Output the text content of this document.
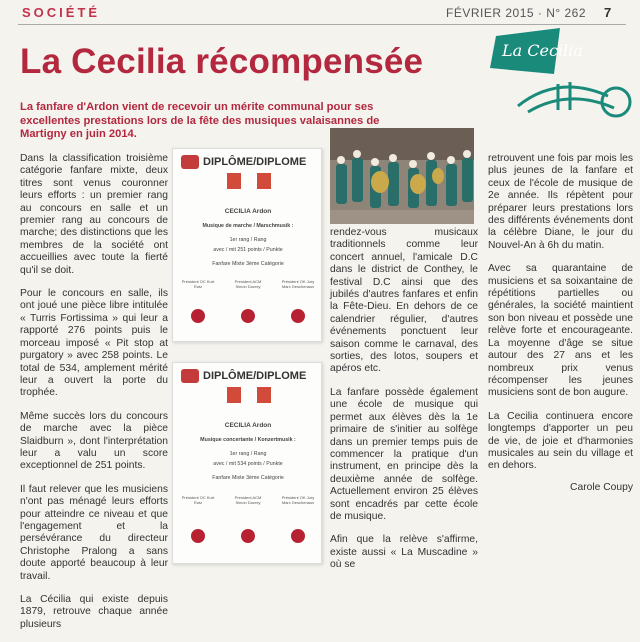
SOCIÉTÉ	FÉVRIER 2015 · N° 262 7
La Cecilia récompensée	La Cecilia

La fanfare d'Ardon vient de recevoir un mérite communal pour ses excellentes prestations lors de la fête des musiques valaisannes de Martigny en juin 2014.

Dans la classification troisième catégorie fanfare mixte, deux titres sont venus couronner leurs efforts : un premier rang au concours en salle et un premier rang au concours de marche; des distinctions que les membres de la société ont accueillies avec toute la fierté qu'il se doit.

Pour le concours en salle, ils ont joué une pièce libre intitulée « Turris Fortissima » qui leur a rapporté 276 points puis le morceau imposé « Pit stop at purgatory » avec 258 points. Le total de 534, amplement mérité leur a ouvert la porte du trophée.

Même succès lors du concours de marche avec la pièce Slaidburn », dont l'interprétation leur a valu un score exceptionnel de 251 points.

Il faut relever que les musiciens n'ont pas ménagé leurs efforts pour atteindre ce niveau et que l'engagement et la persévérance du directeur Christophe Pralong a sans doute apporté beaucoup à leur travail.

La Cécilia qui existe depuis 1879, retrouve chaque année plusieurs

DIPLÔME/DIPLOME
CECILIA Ardon
Musique de marche / Marschmusik :
1er rang / Rang
avec / mit 251 points / Punkte
Fanfare Mixte 3ème Catégorie
Président OC Kurt Rutz
Président ACM Simon Ducrey
Président OK Jury Marc Deschenaux
DIPLÔME/DIPLOME
CECILIA Ardon
Musique concertante / Konzertmusik :
1er rang / Rang
avec / mit 534 points / Punkte
Fanfare Mixte 3ème Catégorie
Président OC Kurt Rutz
Président ACM Simon Ducrey
Président OK Jury Marc Deschenaux

rendez-vous musicaux traditionnels comme leur concert annuel, l'amicale D.C dans le district de Conthey, le festival D.C ainsi que des jubilés d'autres fanfares et enfin la Fête-Dieu. En dehors de ce calendrier régulier, d'autres événements ponctuent leur saison comme le carnaval, des sorties, des lotos, soupers et apéros etc.

La fanfare possède également une école de musique qui permet aux élèves dès la 1e primaire de s'initier au solfège dans un premier temps puis de commencer la pratique d'un instrument, en principe dès la deuxième année de solfège. Actuellement environ 25 élèves sont encadrés par cette école de musique.

Afin que la relève s'affirme, existe aussi « La Muscadine » où se

retrouvent une fois par mois les plus jeunes de la fanfare et ceux de l'école de musique de 2e année. Ils répètent pour préparer leurs prestations lors des différents événements dont la célèbre Diane, le jour du Nouvel-An à 6h du matin.

Avec sa quarantaine de musiciens et sa soixantaine de répétitions partielles ou générales, la société maintient son bon niveau et possède une relève forte et encourageante. La moyenne d'âge se situe autour des 27 ans et les nombreux prix venus récompenser les jeunes musiciens sont de bon augure.

La Cecilia continuera encore longtemps d'apporter un peu de vie, de joie et d'harmonies musicales au sein du village et en dehors.

Carole Coupy
